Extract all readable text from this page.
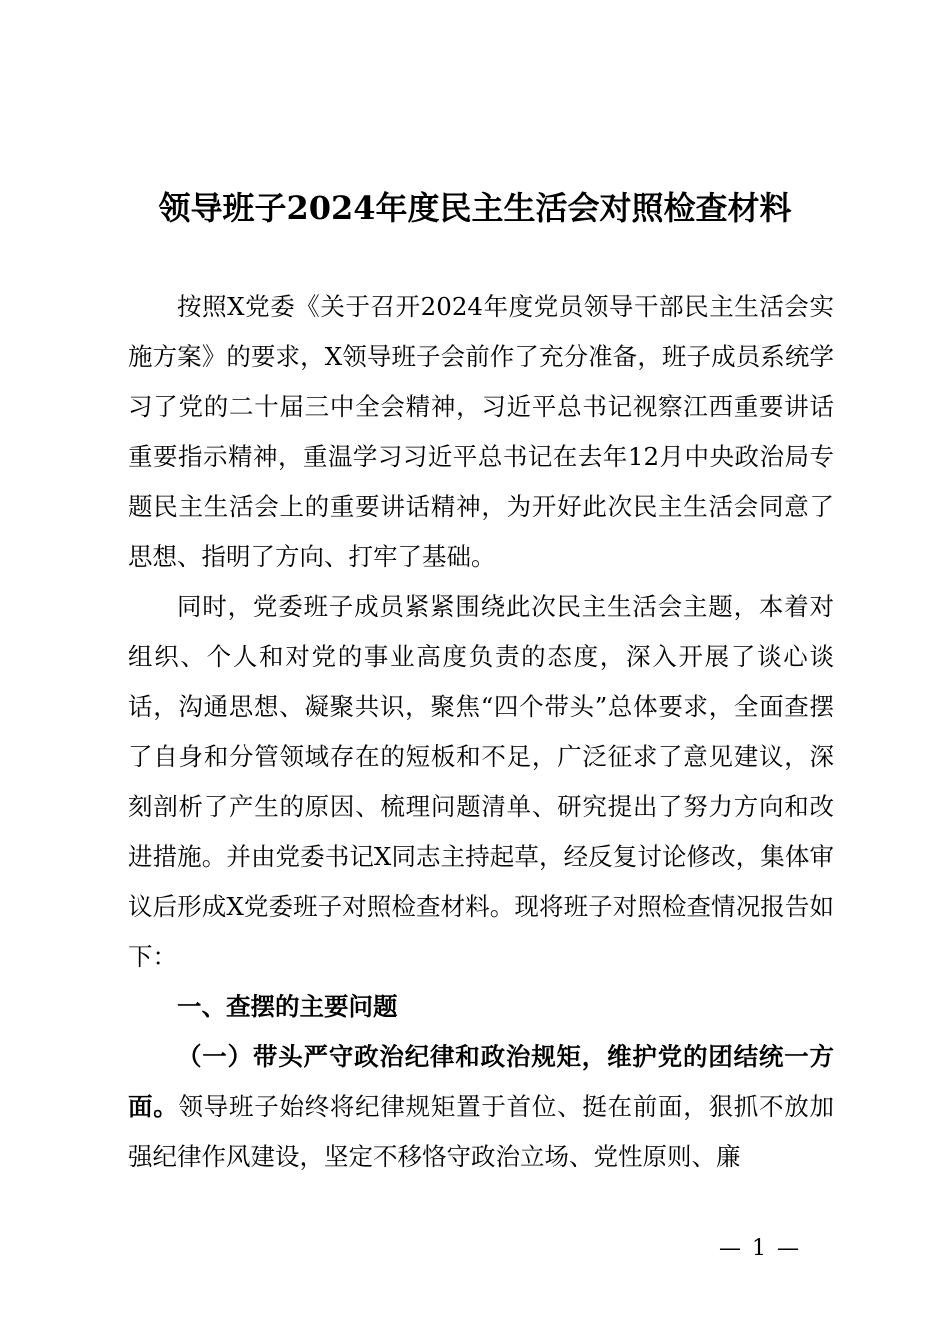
领导班子2024年度民主生活会对照检查材料

按照X党委《关于召开2024年度党员领导干部民主生活会实施方案》的要求，X领导班子会前作了充分准备，班子成员系统学习了党的二十届三中全会精神，习近平总书记视察江西重要讲话重要指示精神，重温学习习近平总书记在去年12月中央政治局专题民主生活会上的重要讲话精神，为开好此次民主生活会同意了思想、指明了方向、打牢了基础。

同时，党委班子成员紧紧围绕此次民主生活会主题，本着对组织、个人和对党的事业高度负责的态度，深入开展了谈心谈话，沟通思想、凝聚共识，聚焦“四个带头”总体要求，全面查摆了自身和分管领域存在的短板和不足，广泛征求了意见建议，深刻剖析了产生的原因、梳理问题清单、研究提出了努力方向和改进措施。并由党委书记X同志主持起草，经反复讨论修改，集体审议后形成X党委班子对照检查材料。现将班子对照检查情况报告如下：

一、查摆的主要问题

（一）带头严守政治纪律和政治规矩，维护党的团结统一方面。领导班子始终将纪律规矩置于首位、挺在前面，狠抓不放加强纪律作风建设，坚定不移恪守政治立场、党性原则、廉

— 1 —
